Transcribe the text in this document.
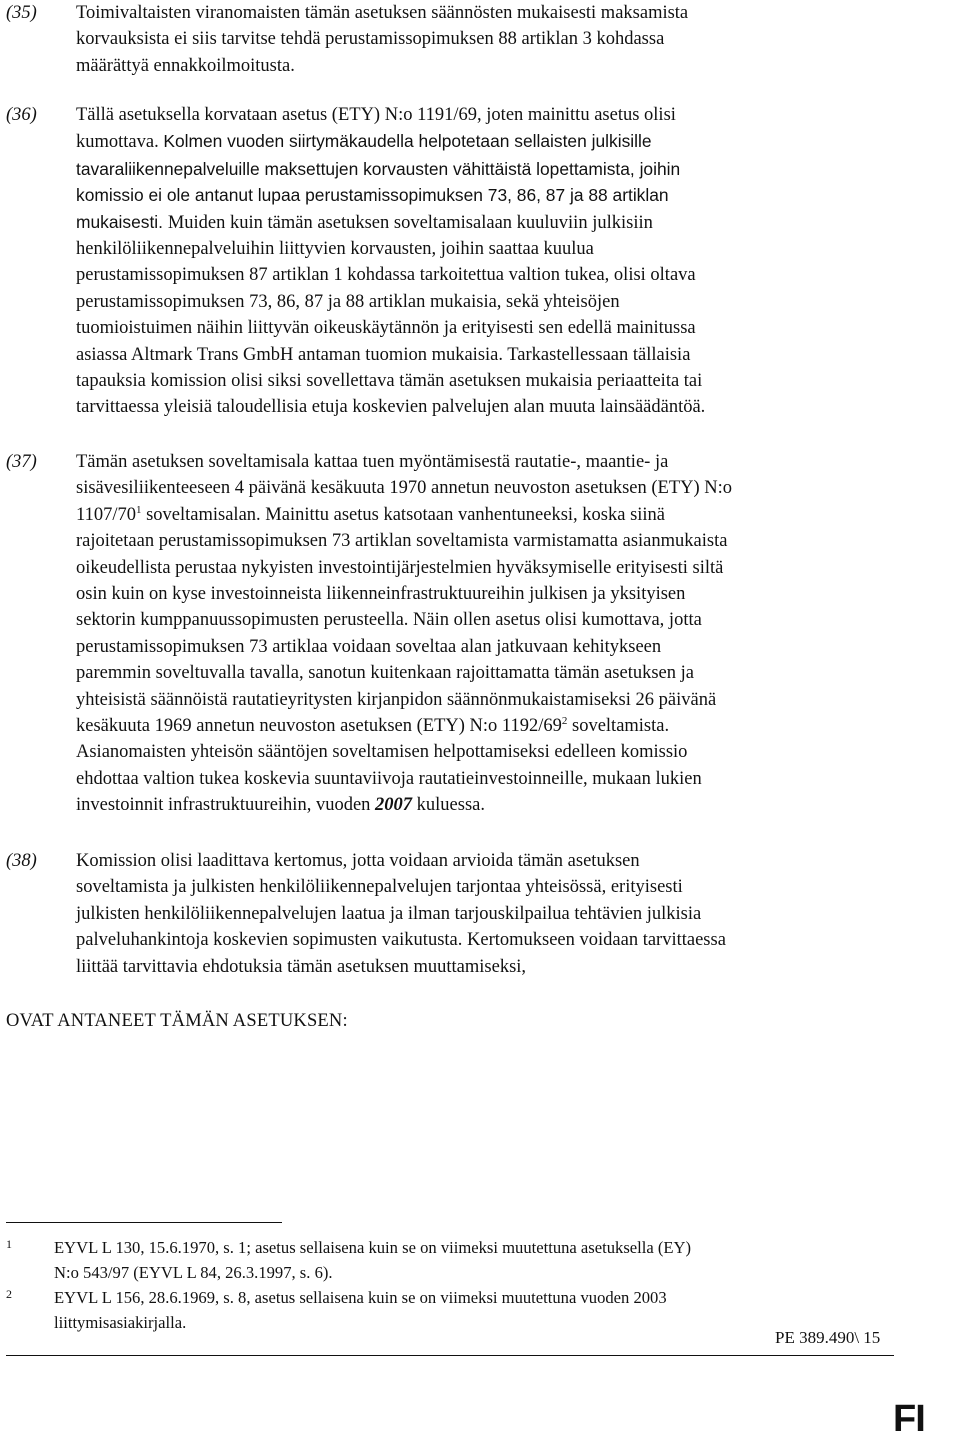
(35) Toimivaltaisten viranomaisten tämän asetuksen säännösten mukaisesti maksamista
korvauksista ei siis tarvitse tehdä perustamissopimuksen 88 artiklan 3 kohdassa
määrättyä ennakkoilmoitusta.
(36) Tällä asetuksella korvataan asetus (ETY) N:o 1191/69, joten mainittu asetus olisi
kumottava. Kolmen vuoden siirtymäkaudella helpotetaan sellaisten julkisille
tavaraliikennepalveluille maksettujen korvausten vähittäistä lopettamista, joihin
komissio ei ole antanut lupaa perustamissopimuksen 73, 86, 87 ja 88 artiklan
mukaisesti. Muiden kuin tämän asetuksen soveltamisalaan kuuluviin julkisiin
henkilöliikennepalveluihin liittyvien korvausten, joihin saattaa kuulua
perustamissopimuksen 87 artiklan 1 kohdassa tarkoitettua valtion tukea, olisi oltava
perustamissopimuksen 73, 86, 87 ja 88 artiklan mukaisia, sekä yhteisöjen
tuomioistuimen näihin liittyvän oikeuskäytännön ja erityisesti sen edellä mainitussa
asiassa Altmark Trans GmbH antaman tuomion mukaisia. Tarkastellessaan tällaisia
tapauksia komission olisi siksi sovellettava tämän asetuksen mukaisia periaatteita tai
tarvittaessa yleisiä taloudellisia etuja koskevien palvelujen alan muuta lainsäädäntöä.
(37) Tämän asetuksen soveltamisala kattaa tuen myöntämisestä rautatie-, maantie- ja
sisävesiliikenteeseen 4 päivänä kesäkuuta 1970 annetun neuvoston asetuksen (ETY) N:o
$1107/70^1$ soveltamisalan. Mainittu asetus katsotaan vanhentuneeksi, koska siinä
rajoitetaan perustamissopimuksen 73 artiklan soveltamista varmistamatta asianmukaista
oikeudellista perustaa nykyisten investointijärjestelmien hyväksymiselle erityisesti siltä
osin kuin on kyse investoinneista liikenneinfrastruktuureihin julkisen ja yksityisen
sektorin kumppanuussopimusten perusteella. Näin ollen asetus olisi kumottava, jotta
perustamissopimuksen 73 artiklaa voidaan soveltaa alan jatkuvaan kehitykseen
paremmin soveltuvalla tavalla, sanotun kuitenkaan rajoittamatta tämän asetuksen ja
yhteisistä säännöistä rautatieyritysten kirjanpidon säännönmukaistamiseksi 26 päivänä
kesäkuuta 1969 annetun neuvoston asetuksen (ETY) N:o $1192/69^2$ soveltamista.
Asianomaisten yhteisön sääntöjen soveltamisen helpottamiseksi edelleen komissio
ehdottaa valtion tukea koskevia suuntaviivoja rautatieinvestoinneille, mukaan lukien
investoinnit infrastruktuureihin, vuoden 2007 kuluessa.
(38) Komission olisi laadittava kertomus, jotta voidaan arvioida tämän asetuksen
soveltamista ja julkisten henkilöliikennepalvelujen tarjontaa yhteisössä, erityisesti
julkisten henkilöliikennepalvelujen laatua ja ilman tarjouskilpailua tehtävien julkisia
palveluhankintoja koskevien sopimusten vaikutusta. Kertomukseen voidaan tarvittaessa
liittää tarvittavia ehdotuksia tämän asetuksen muuttamiseksi,
OVAT ANTANEET TÄMÄN ASETUKSEN:
1	EYVL L 130, 15.6.1970, s. 1; asetus sellaisena kuin se on viimeksi muutettuna asetuksella (EY)
N:o 543/97 (EYVL L 84, 26.3.1997, s. 6).
2	EYVL L 156, 28.6.1969, s. 8, asetus sellaisena kuin se on viimeksi muutettuna vuoden 2003
liittymisasiakirjalla.
PE 389.490\ 15
FI
